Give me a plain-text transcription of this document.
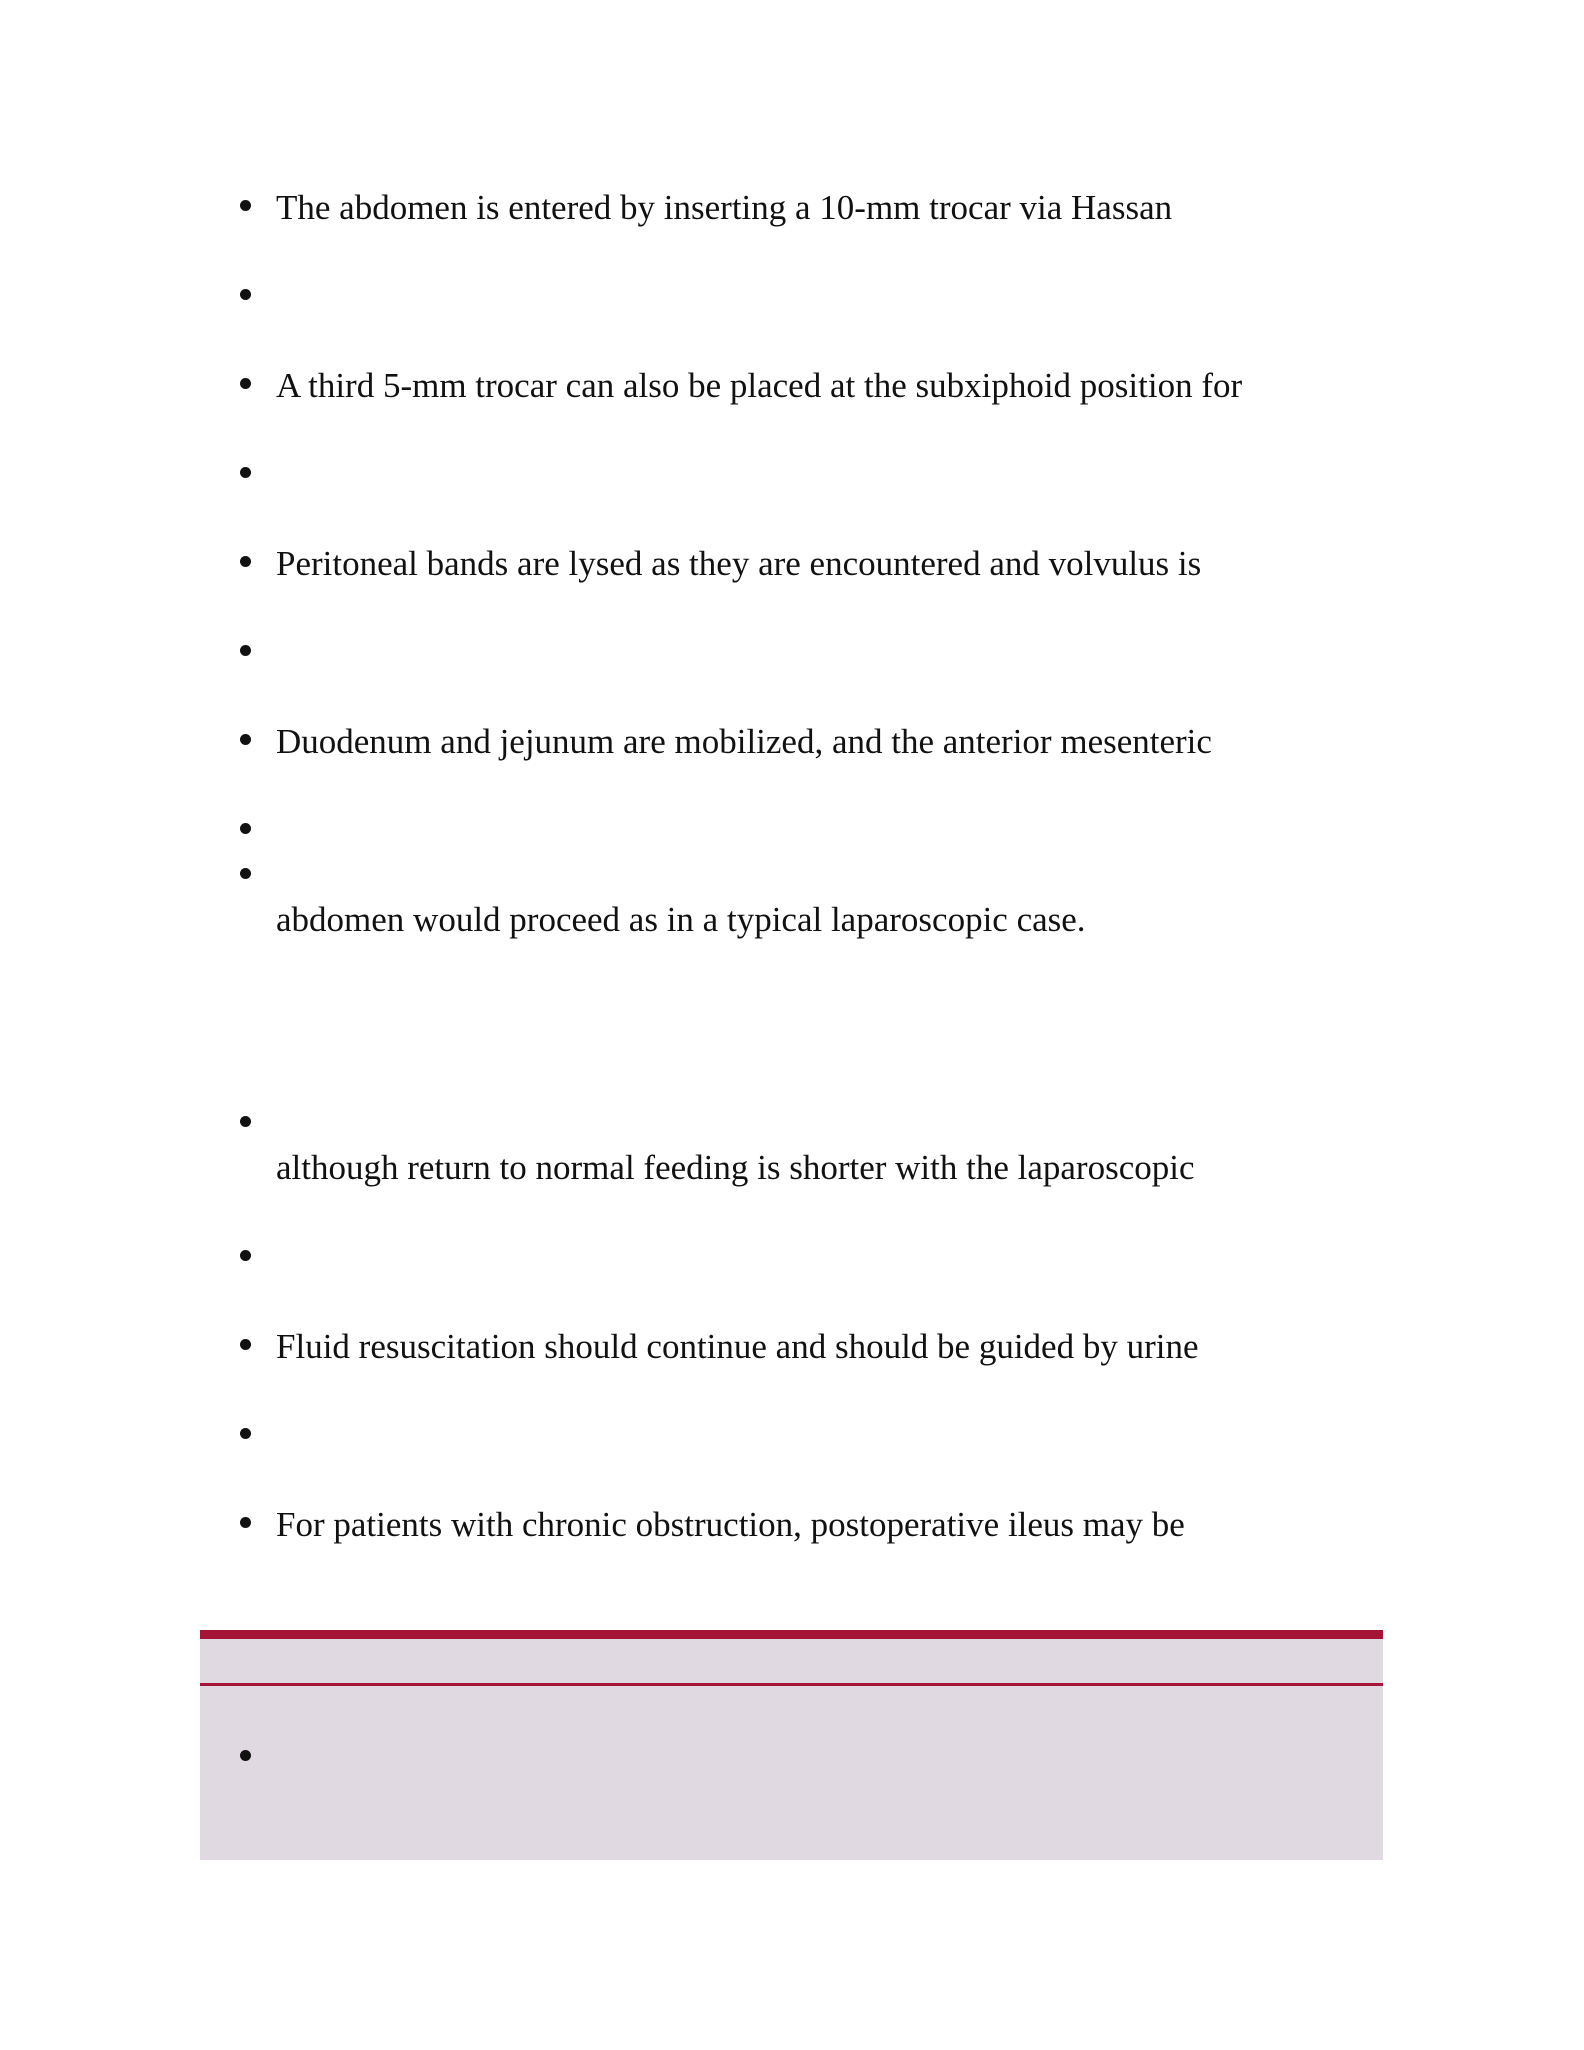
The abdomen is entered by inserting a 10-mm trocar via Hassan
A third 5-mm trocar can also be placed at the subxiphoid position for
Peritoneal bands are lysed as they are encountered and volvulus is
Duodenum and jejunum are mobilized, and the anterior mesenteric
abdomen would proceed as in a typical laparoscopic case.
although return to normal feeding is shorter with the laparoscopic
Fluid resuscitation should continue and should be guided by urine
For patients with chronic obstruction, postoperative ileus may be
